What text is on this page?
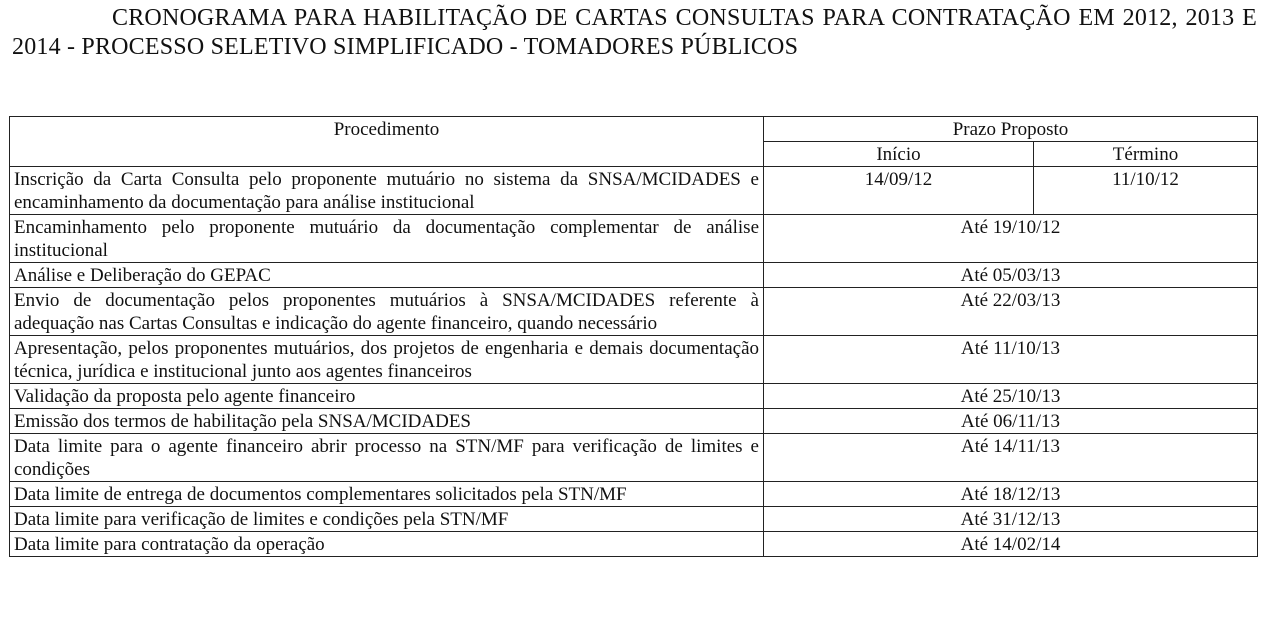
CRONOGRAMA PARA HABILITAÇÃO DE CARTAS CONSULTAS PARA CONTRATAÇÃO EM 2012, 2013 E 2014 - PROCESSO SELETIVO SIMPLIFICADO - TOMADORES PÚBLICOS
Procedimento	Prazo Proposto	
	Início	Término
Inscrição da Carta Consulta pelo proponente mutuário no sistema da SNSA/MCIDADES e encaminhamento da documentação para análise institucional	14/09/12	11/10/12
Encaminhamento pelo proponente mutuário da documentação complementar de análise institucional	Até 19/10/12	
Análise e Deliberação do GEPAC	Até 05/03/13	
Envio de documentação pelos proponentes mutuários à SNSA/MCIDADES referente à adequação nas Cartas Consultas e indicação do agente financeiro, quando necessário	Até 22/03/13	
Apresentação, pelos proponentes mutuários, dos projetos de engenharia e demais documentação técnica, jurídica e institucional junto aos agentes financeiros	Até 11/10/13	
Validação da proposta pelo agente financeiro	Até 25/10/13	
Emissão dos termos de habilitação pela SNSA/MCIDADES	Até 06/11/13	
Data limite para o agente financeiro abrir processo na STN/MF para verificação de limites e condições	Até 14/11/13	
Data limite de entrega de documentos complementares solicitados pela STN/MF	Até 18/12/13	
Data limite para verificação de limites e condições pela STN/MF	Até 31/12/13	
Data limite para contratação da operação	Até 14/02/14	
